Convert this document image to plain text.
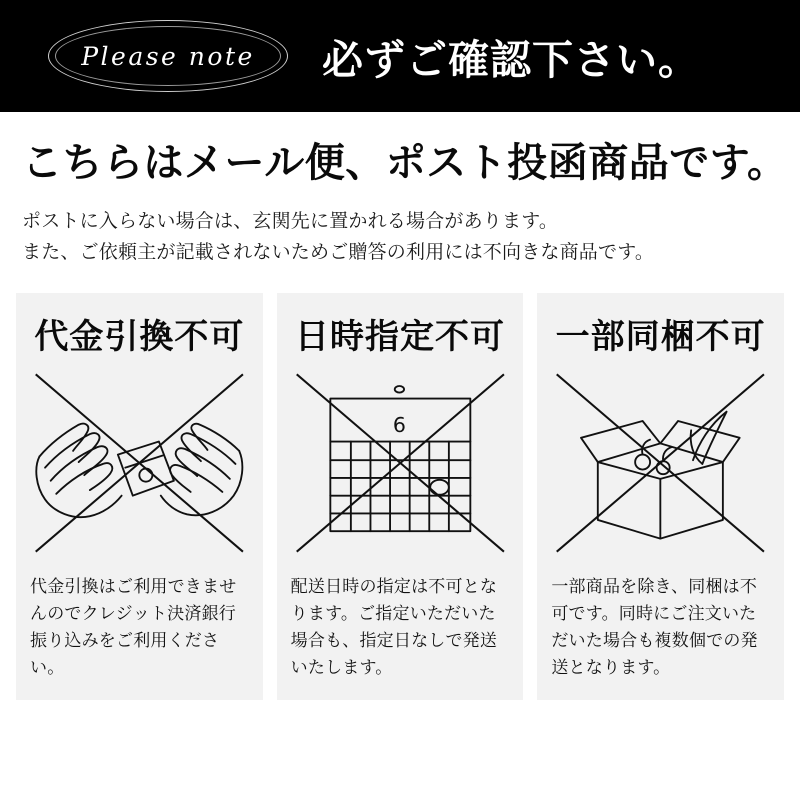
Please note 必ずご確認下さい。
こちらはメール便、ポスト投函商品です。
ポストに入らない場合は、玄関先に置かれる場合があります。
また、ご依頼主が記載されないためご贈答の利用には不向きな商品です。
代金引換不可
代金引換はご利用できませんのでクレジット決済銀行振り込みをご利用ください。
日時指定不可
6
配送日時の指定は不可となります。ご指定いただいた場合も、指定日なしで発送いたします。
一部同梱不可
一部商品を除き、同梱は不可です。同時にご注文いただいた場合も複数個での発送となります。
